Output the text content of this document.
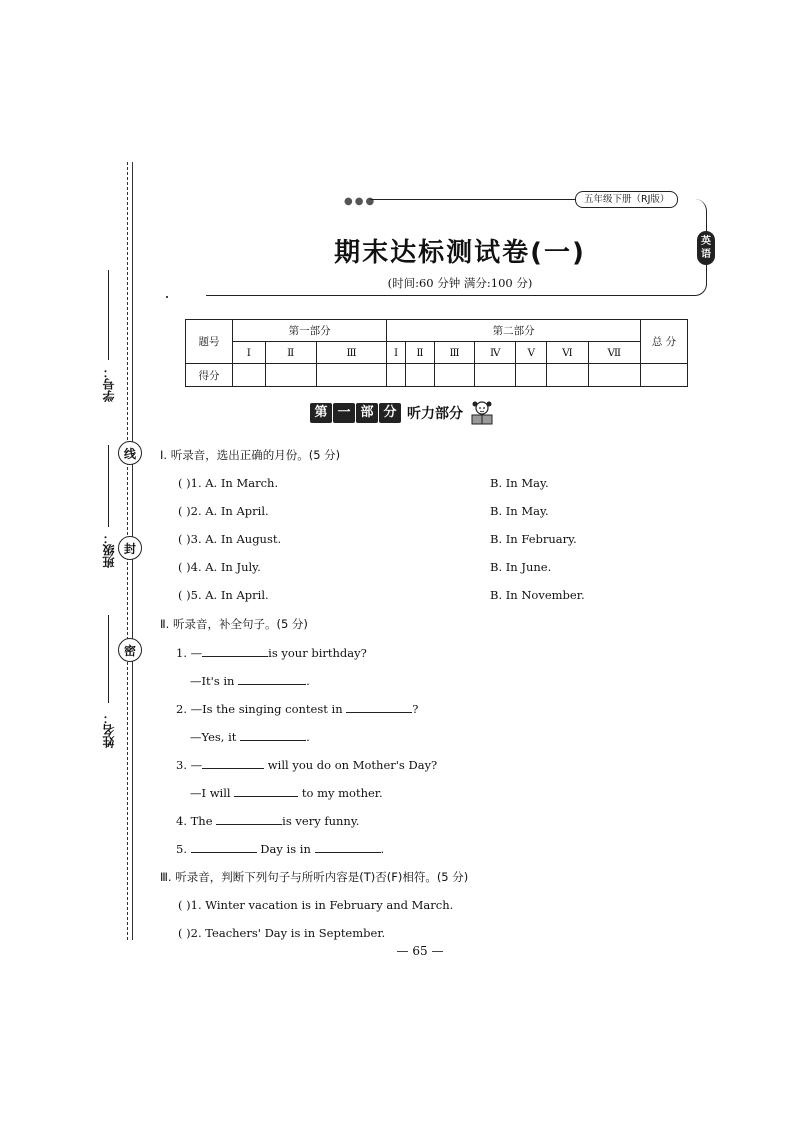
学号：
班级：
姓名：
线
封
密
●●●	五年级下册（RJ版）
英
语
期末达标测试卷(一)
(时间:60 分钟 满分:100 分)
题号	第一部分			第二部分							总 分
	Ⅰ	Ⅱ	Ⅲ	Ⅰ	Ⅱ	Ⅲ	Ⅳ	Ⅴ	Ⅵ	Ⅶ	
得分											
第 一 部 分 听力部分
Ⅰ. 听录音，选出正确的月份。(5 分)
( )1. A. In March.	B. In May.
( )2. A. In April.	B. In May.
( )3. A. In August.	B. In February.
( )4. A. In July.	B. In June.
( )5. A. In April.	B. In November.
Ⅱ. 听录音，补全句子。(5 分)
1. —	is your birthday?
—It's in	.
2. —Is the singing contest in	?
—Yes, it	.
3. —	will you do on Mother's Day?
—I will	to my mother.
4. The	is very funny.
5.	Day is in	.
Ⅲ. 听录音，判断下列句子与所听内容是(T)否(F)相符。(5 分)
( )1. Winter vacation is in February and March.
( )2. Teachers' Day is in September.
— 65 —
